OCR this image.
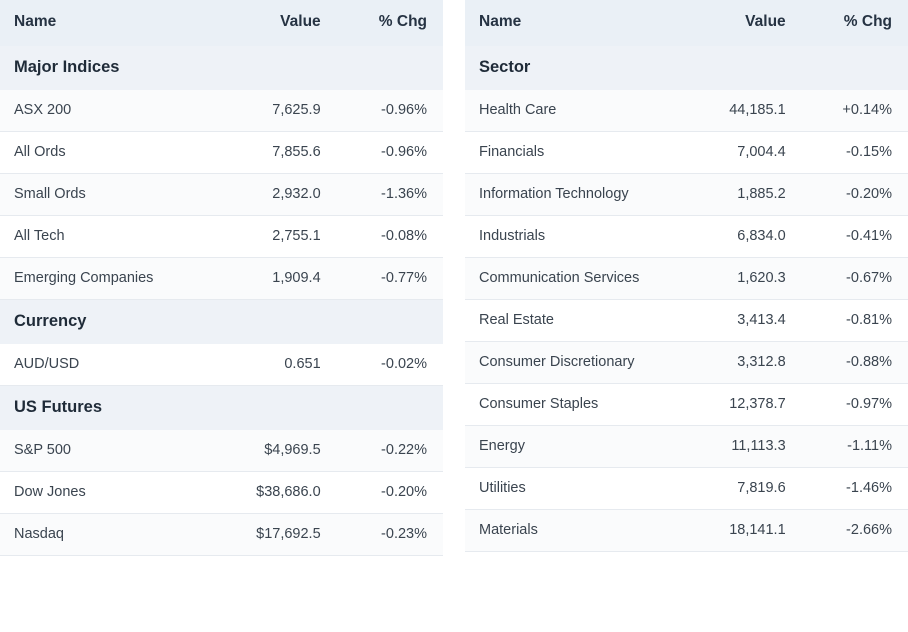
Name	Value	% Chg
Major Indices		
ASX 200	7,625.9	-0.96%
All Ords	7,855.6	-0.96%
Small Ords	2,932.0	-1.36%
All Tech	2,755.1	-0.08%
Emerging Companies	1,909.4	-0.77%
Currency		
AUD/USD	0.651	-0.02%
US Futures		
S&P 500	$4,969.5	-0.22%
Dow Jones	$38,686.0	-0.20%
Nasdaq	$17,692.5	-0.23%
Name	Value	% Chg
Sector		
Health Care	44,185.1	+0.14%
Financials	7,004.4	-0.15%
Information Technology	1,885.2	-0.20%
Industrials	6,834.0	-0.41%
Communication Services	1,620.3	-0.67%
Real Estate	3,413.4	-0.81%
Consumer Discretionary	3,312.8	-0.88%
Consumer Staples	12,378.7	-0.97%
Energy	11,113.3	-1.11%
Utilities	7,819.6	-1.46%
Materials	18,141.1	-2.66%
